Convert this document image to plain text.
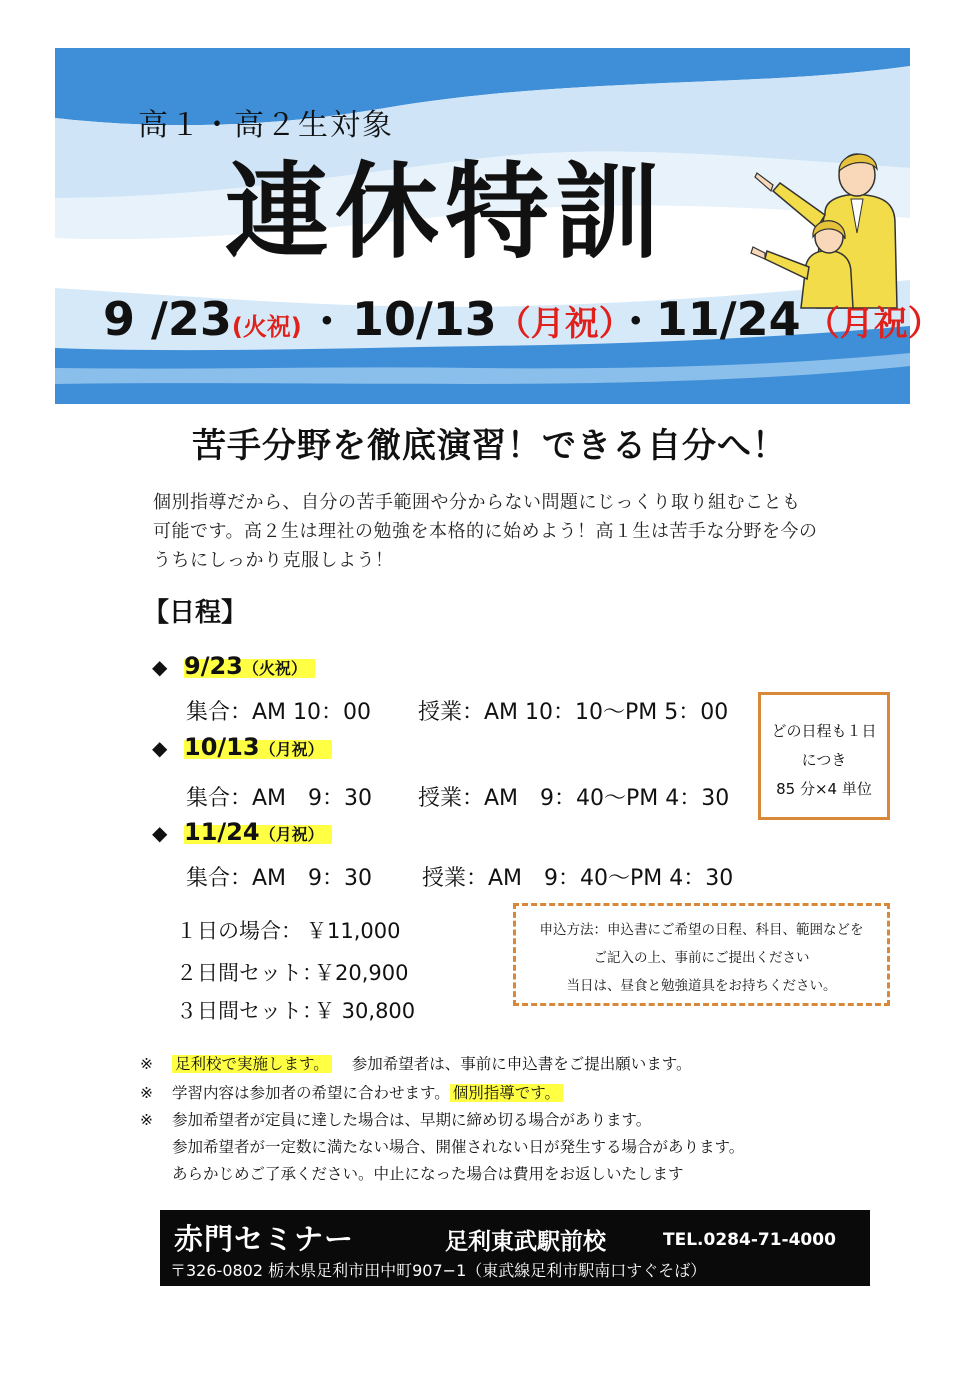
高１・高２生対象
連休特訓
9 /23(火祝) ・ 10/13（月祝）・11/24 （月祝）
苦手分野を徹底演習！できる自分へ！
個別指導だから、自分の苦手範囲や分からない問題にじっくり取り組むことも
可能です。高２生は理社の勉強を本格的に始めよう！高１生は苦手な分野を今の
うちにしっかり克服しよう！
【日程】
◆ 9/23（火祝）
集合：AM 10：00 授業：AM 10：10〜PM 5：00
◆ 10/13（月祝）
集合：AM　9：30 授業：AM　9：40〜PM 4：30
◆ 11/24（月祝）
集合：AM　9：30 授業：AM　9：40〜PM 4：30
どの日程も１日
につき
85 分×4 単位
１日の場合： ￥11,000
２日間セット：
￥20,900
３日間セット：
￥ 30,800
申込方法：申込書にご希望の日程、科目、範囲などを
ご記入の上、事前にご提出ください
当日は、昼食と勉強道具をお持ちください。
※ 足利校で実施します。 参加希望者は、事前に申込書をご提出願います。
※ 学習内容は参加者の希望に合わせます。 個別指導です。
※ 参加希望者が定員に達した場合は、早期に締め切る場合があります。
参加希望者が一定数に満たない場合、開催されない日が発生する場合があります。
あらかじめご了承ください。中止になった場合は費用をお返しいたします
赤門セミナー	足利東武駅前校	TEL.0284-71-4000
〒326-0802 栃木県足利市田中町907−1（東武線足利市駅南口すぐそば）
